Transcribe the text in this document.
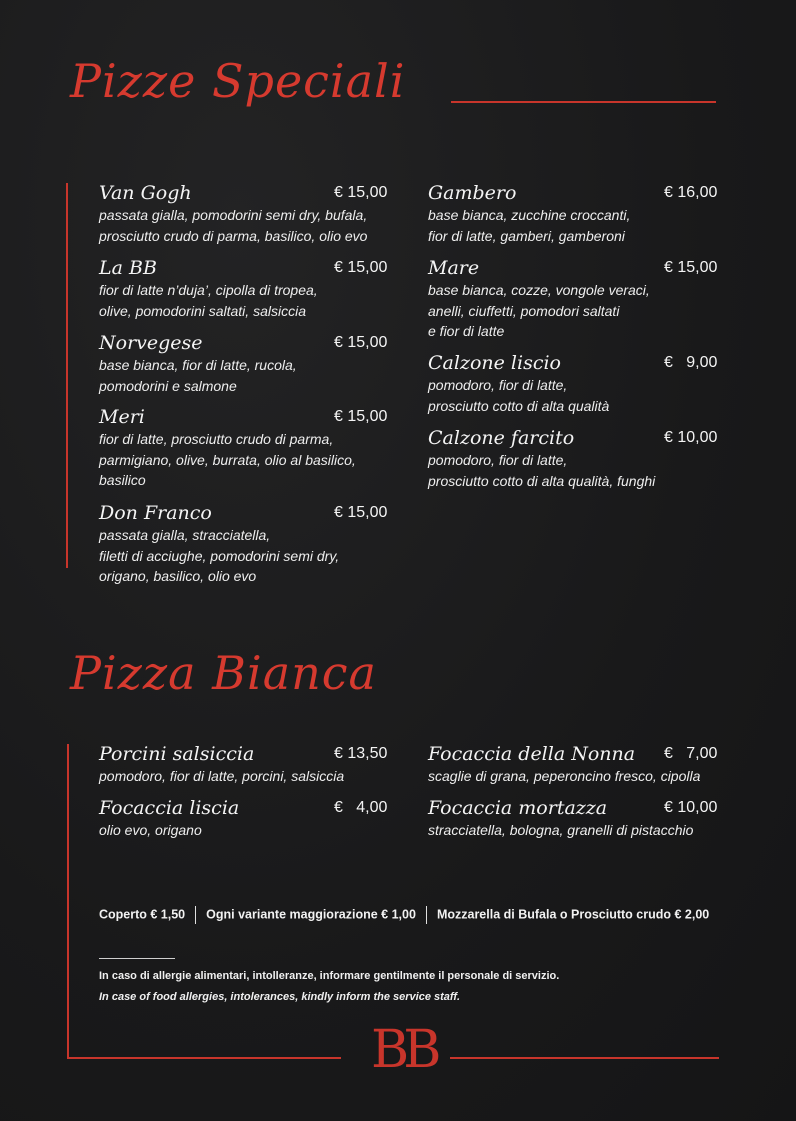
Pizze Speciali
Van Gogh	€ 15,00
passata gialla, pomodorini semi dry, bufala,
prosciutto crudo di parma, basilico, olio evo
La BB	€ 15,00
fior di latte n’duja’, cipolla di tropea,
olive, pomodorini saltati, salsiccia
Norvegese	€ 15,00
base bianca, fior di latte, rucola,
pomodorini e salmone
Meri	€ 15,00
fior di latte, prosciutto crudo di parma,
parmigiano, olive, burrata, olio al basilico,
basilico
Don Franco	€ 15,00
passata gialla, stracciatella,
filetti di acciughe, pomodorini semi dry,
origano, basilico, olio evo
Gambero	€ 16,00
base bianca, zucchine croccanti,
fior di latte, gamberi, gamberoni
Mare	€ 15,00
base bianca, cozze, vongole veraci,
anelli, ciuffetti, pomodori saltati
e fior di latte
Calzone liscio	€   9,00
pomodoro, fior di latte,
prosciutto cotto di alta qualità
Calzone farcito	€ 10,00
pomodoro, fior di latte,
prosciutto cotto di alta qualità, funghi
Pizza Bianca
Porcini salsiccia	€ 13,50
pomodoro, fior di latte, porcini, salsiccia
Focaccia liscia	€   4,00
olio evo, origano
Focaccia della Nonna	€   7,00
scaglie di grana, peperoncino fresco, cipolla
Focaccia mortazza	€ 10,00
stracciatella, bologna, granelli di pistacchio
Coperto € 1,50 Ogni variante maggiorazione € 1,00 Mozzarella di Bufala o Prosciutto crudo € 2,00
In caso di allergie alimentari, intolleranze, informare gentilmente il personale di servizio.
In case of food allergies, intolerances, kindly inform the service staff.
BB
